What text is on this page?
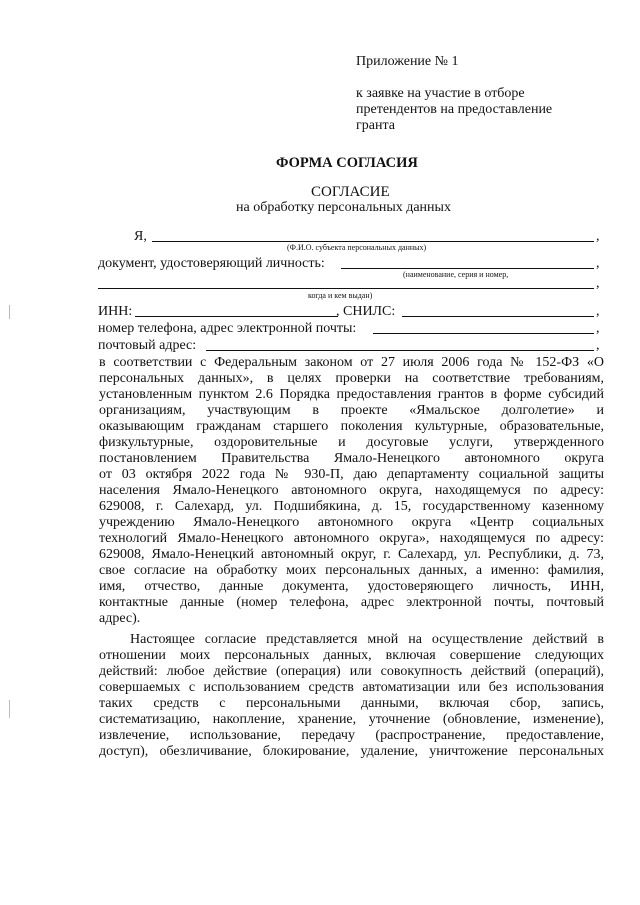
Приложение № 1
к заявке на участие в отборе
претендентов на предоставление
гранта
ФОРМА СОГЛАСИЯ
СОГЛАСИЕ
на обработку персональных данных
Я,	,
(Ф.И.О. субъекта персональных данных)
документ, удостоверяющий личность:	,
(наименование, серия и номер,
,
когда и кем выдан)
ИНН:	, СНИЛС:	,
номер телефона, адрес электронной почты:	,
почтовый адрес:	,
в соответствии с Федеральным законом от 27 июля 2006 года № 152-ФЗ «О
персональных данных», в целях проверки на соответствие требованиям,
установленным пунктом 2.6 Порядка предоставления грантов в форме субсидий
организациям, участвующим в проекте «Ямальское долголетие» и
оказывающим гражданам старшего поколения культурные, образовательные,
физкультурные, оздоровительные и досуговые услуги, утвержденного
постановлением Правительства Ямало-Ненецкого автономного округа
от 03 октября 2022 года № 930-П, даю департаменту социальной защиты
населения Ямало-Ненецкого автономного округа, находящемуся по адресу:
629008, г. Салехард, ул. Подшибякина, д. 15, государственному казенному
учреждению Ямало-Ненецкого автономного округа «Центр социальных
технологий Ямало-Ненецкого автономного округа», находящемуся по адресу:
629008, Ямало-Ненецкий автономный округ, г. Салехард, ул. Республики, д. 73,
свое согласие на обработку моих персональных данных, а именно: фамилия,
имя, отчество, данные документа, удостоверяющего личность, ИНН,
контактные данные (номер телефона, адрес электронной почты, почтовый
адрес).
Настоящее согласие представляется мной на осуществление действий в
отношении моих персональных данных, включая совершение следующих
действий: любое действие (операция) или совокупность действий (операций),
совершаемых с использованием средств автоматизации или без использования
таких средств с персональными данными, включая сбор, запись,
систематизацию, накопление, хранение, уточнение (обновление, изменение),
извлечение, использование, передачу (распространение, предоставление,
доступ), обезличивание, блокирование, удаление, уничтожение персональных
